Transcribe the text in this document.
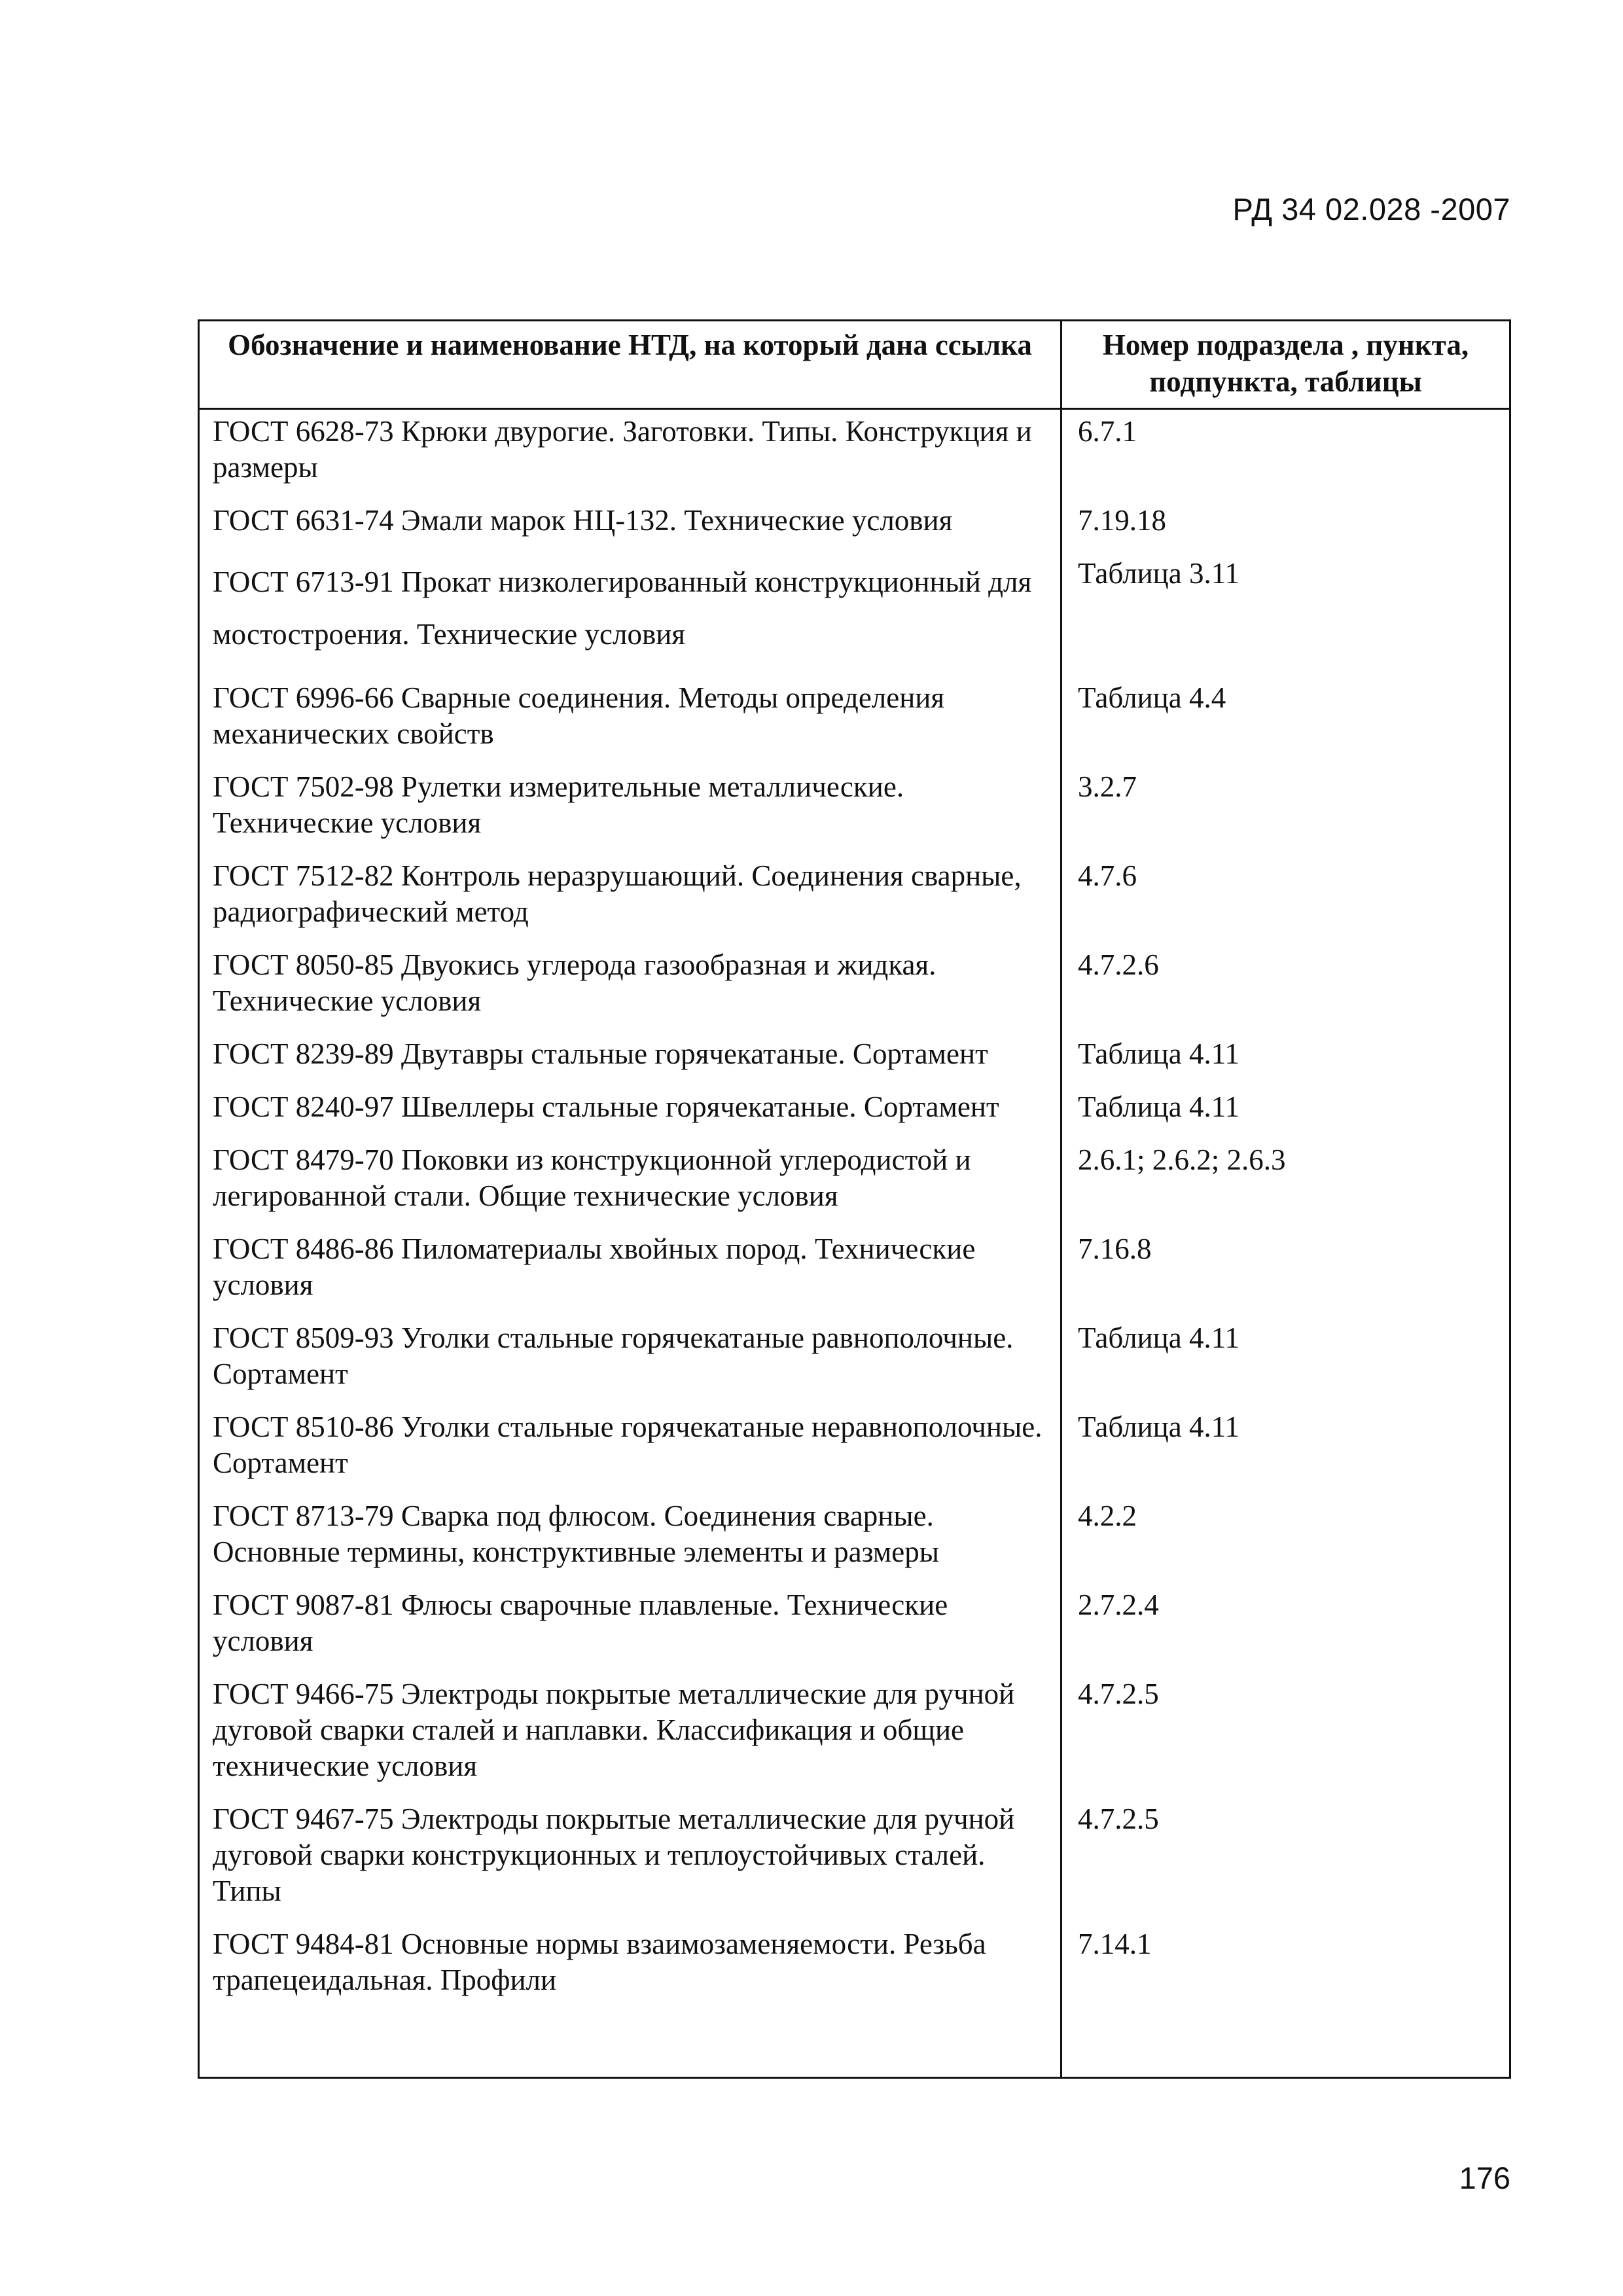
РД 34 02.028 -2007
Обозначение и наименование НТД, на который дана ссылка	Номер подраздела , пункта, подпункта, таблицы
ГОСТ 6628-73 Крюки двурогие. Заготовки. Типы. Конструкция и размеры	6.7.1
ГОСТ 6631-74 Эмали марок НЦ-132. Технические условия	7.19.18
ГОСТ 6713-91 Прокат низколегированный конструкционный для мостостроения. Технические условия	Таблица 3.11
ГОСТ 6996-66 Сварные соединения. Методы определения механических свойств	Таблица 4.4
ГОСТ 7502-98 Рулетки измерительные металлические. Технические условия	3.2.7
ГОСТ 7512-82 Контроль неразрушающий. Соединения сварные, радиографический метод	4.7.6
ГОСТ 8050-85 Двуокись углерода газообразная и жидкая. Технические условия	4.7.2.6
ГОСТ 8239-89 Двутавры стальные горячекатаные. Сортамент	Таблица 4.11
ГОСТ 8240-97 Швеллеры стальные горячекатаные. Сортамент	Таблица 4.11
ГОСТ 8479-70 Поковки из конструкционной углеродистой и легированной стали. Общие технические условия	2.6.1; 2.6.2; 2.6.3
ГОСТ 8486-86 Пиломатериалы хвойных пород. Технические условия	7.16.8
ГОСТ 8509-93 Уголки стальные горячекатаные равнополочные. Сортамент	Таблица 4.11
ГОСТ 8510-86 Уголки стальные горячекатаные неравнополочные. Сортамент	Таблица 4.11
ГОСТ 8713-79 Сварка под флюсом. Соединения сварные. Основные термины, конструктивные элементы и размеры	4.2.2
ГОСТ 9087-81 Флюсы сварочные плавленые. Технические условия	2.7.2.4
ГОСТ 9466-75 Электроды покрытые металлические для ручной дуговой сварки сталей и наплавки. Классификация и общие технические условия	4.7.2.5
ГОСТ 9467-75 Электроды покрытые металлические для ручной дуговой сварки конструкционных и теплоустойчивых сталей. Типы	4.7.2.5
ГОСТ 9484-81 Основные нормы взаимозаменяемости. Резьба трапецеидальная. Профили	7.14.1

176
